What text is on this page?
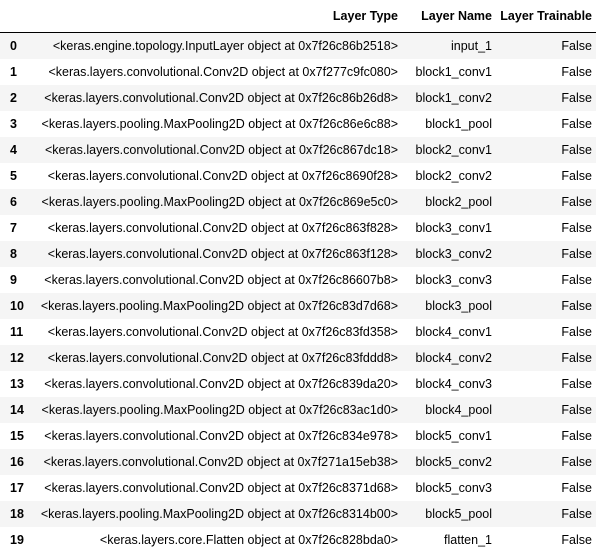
	Layer Type	Layer Name	Layer Trainable
0	<keras.engine.topology.InputLayer object at 0x7f26c86b2518>	input_1	False
1	<keras.layers.convolutional.Conv2D object at 0x7f277c9fc080>	block1_conv1	False
2	<keras.layers.convolutional.Conv2D object at 0x7f26c86b26d8>	block1_conv2	False
3	<keras.layers.pooling.MaxPooling2D object at 0x7f26c86e6c88>	block1_pool	False
4	<keras.layers.convolutional.Conv2D object at 0x7f26c867dc18>	block2_conv1	False
5	<keras.layers.convolutional.Conv2D object at 0x7f26c8690f28>	block2_conv2	False
6	<keras.layers.pooling.MaxPooling2D object at 0x7f26c869e5c0>	block2_pool	False
7	<keras.layers.convolutional.Conv2D object at 0x7f26c863f828>	block3_conv1	False
8	<keras.layers.convolutional.Conv2D object at 0x7f26c863f128>	block3_conv2	False
9	<keras.layers.convolutional.Conv2D object at 0x7f26c86607b8>	block3_conv3	False
10	<keras.layers.pooling.MaxPooling2D object at 0x7f26c83d7d68>	block3_pool	False
11	<keras.layers.convolutional.Conv2D object at 0x7f26c83fd358>	block4_conv1	False
12	<keras.layers.convolutional.Conv2D object at 0x7f26c83fddd8>	block4_conv2	False
13	<keras.layers.convolutional.Conv2D object at 0x7f26c839da20>	block4_conv3	False
14	<keras.layers.pooling.MaxPooling2D object at 0x7f26c83ac1d0>	block4_pool	False
15	<keras.layers.convolutional.Conv2D object at 0x7f26c834e978>	block5_conv1	False
16	<keras.layers.convolutional.Conv2D object at 0x7f271a15eb38>	block5_conv2	False
17	<keras.layers.convolutional.Conv2D object at 0x7f26c8371d68>	block5_conv3	False
18	<keras.layers.pooling.MaxPooling2D object at 0x7f26c8314b00>	block5_pool	False
19	<keras.layers.core.Flatten object at 0x7f26c828bda0>	flatten_1	False
